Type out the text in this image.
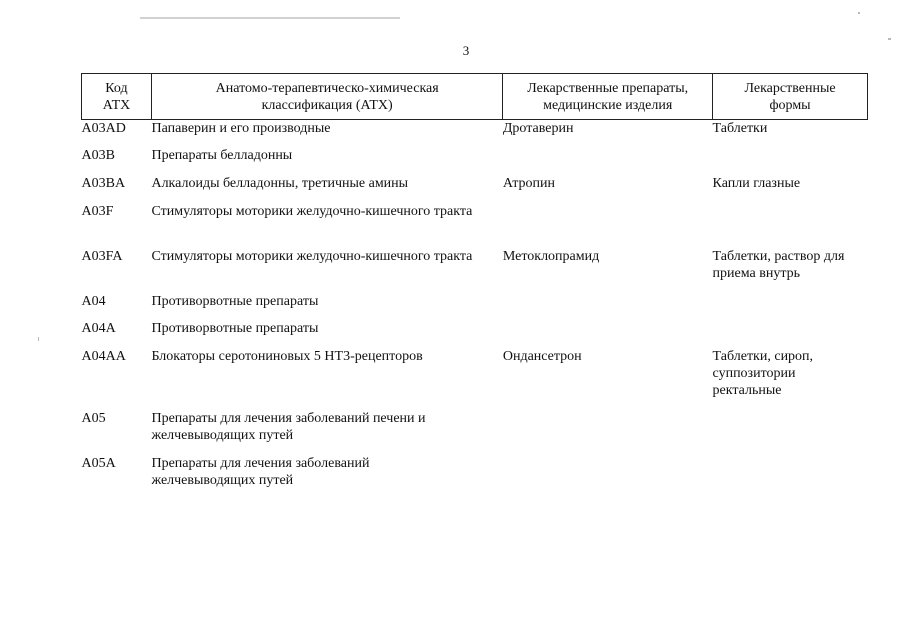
3
Код АТХ	Анатомо-терапевтическо-химическая классификация (АТХ)	Лекарственные препараты, медицинские изделия	Лекарственные формы
A03AD	Папаверин и его производные	Дротаверин	Таблетки
A03B	Препараты белладонны		
A03BA	Алкалоиды белладонны, третичные амины	Атропин	Капли глазные
A03F	Стимуляторы моторики желудочно-кишечного тракта		
A03FA	Стимуляторы моторики желудочно-кишечного тракта	Метоклопрамид	Таблетки, раствор для приема внутрь
A04	Противорвотные препараты		
A04A	Противорвотные препараты		
A04AA	Блокаторы серотониновых 5 НТ3-рецепторов	Ондансетрон	Таблетки, сироп, суппозитории ректальные
A05	Препараты для лечения заболеваний печени и желчевыводящих путей		
A05A	Препараты для лечения заболеваний желчевыводящих путей		
